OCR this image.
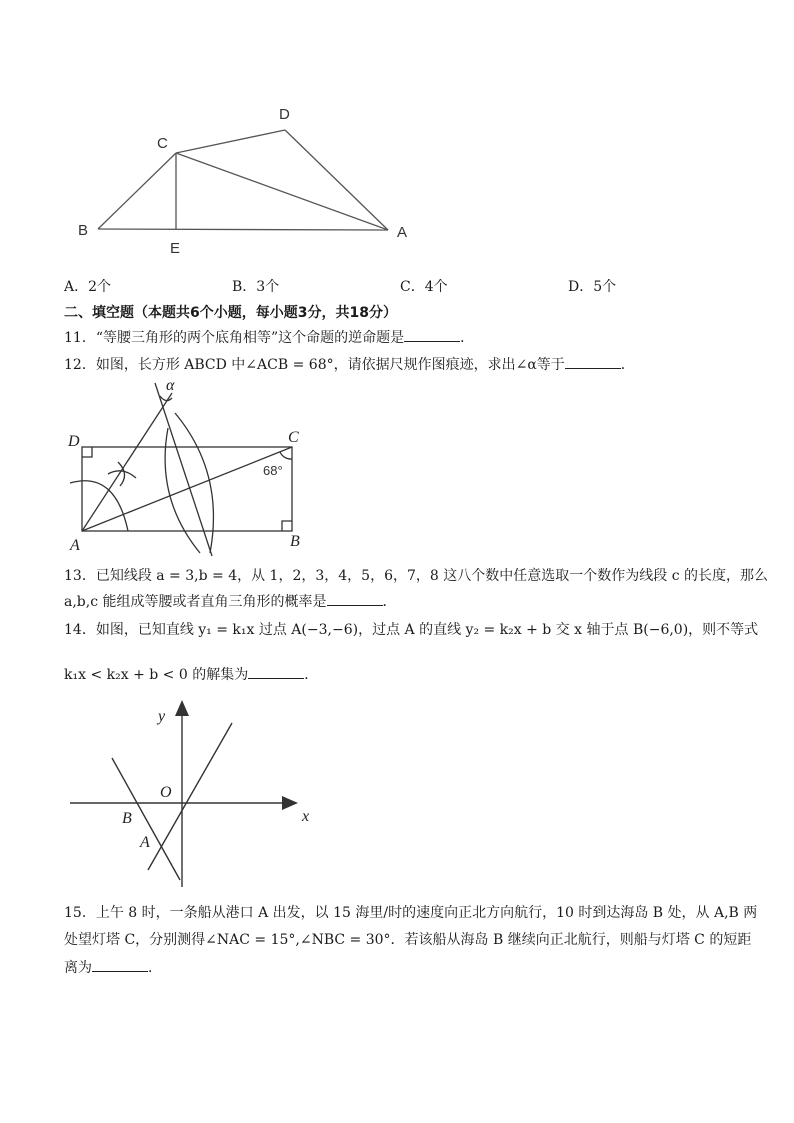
B
C
D
E
A
A．2个	B．3个	C．4个	D．5个
二、填空题（本题共6个小题，每小题3分，共18分）
11．“等腰三角形的两个底角相等”这个命题的逆命题是	．
12．如图，长方形 ABCD 中∠ACB = 68°，请依据尺规作图痕迹，求出∠α等于	．
D	C
A	B
α
68°
13．已知线段 a = 3,b = 4，从 1，2，3，4，5，6，7，8 这八个数中任意选取一个数作为线段 c 的长度，那么
a,b,c 能组成等腰或者直角三角形的概率是	．
14．如图，已知直线 y₁ = k₁x 过点 A(−3,−6)，过点 A 的直线 y₂ = k₂x + b 交 x 轴于点 B(−6,0)，则不等式
k₁x < k₂x + b < 0 的解集为	．
y
x
O
B
A
15．上午 8 时，一条船从港口 A 出发，以 15 海里/时的速度向正北方向航行，10 时到达海岛 B 处，从 A,B 两
处望灯塔 C，分别测得∠NAC = 15°,∠NBC = 30°．若该船从海岛 B 继续向正北航行，则船与灯塔 C 的短距
离为	．
